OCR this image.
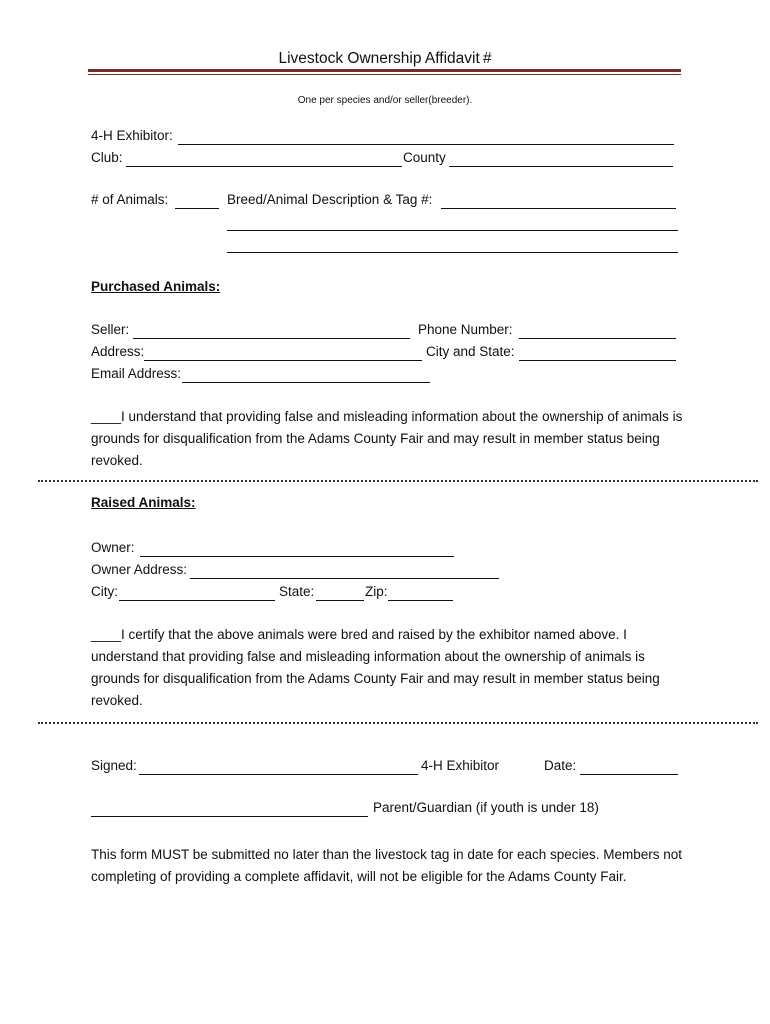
Livestock Ownership Affidavit #
One per species and/or seller(breeder).
4-H Exhibitor:
Club:	County
# of Animals:	Breed/Animal Description & Tag #:
Purchased Animals:
Seller:	Phone Number:
Address:	City and State:
Email Address:
____I understand that providing false and misleading information about the ownership of animals is grounds for disqualification from the Adams County Fair and may result in member status being revoked.
Raised Animals:
Owner:
Owner Address:
City:	State:	Zip:
____I certify that the above animals were bred and raised by the exhibitor named above. I understand that providing false and misleading information about the ownership of animals is grounds for disqualification from the Adams County Fair and may result in member status being revoked.
Signed:	4-H Exhibitor	Date:
Parent/Guardian (if youth is under 18)
This form MUST be submitted no later than the livestock tag in date for each species. Members not completing of providing a complete affidavit, will not be eligible for the Adams County Fair.
